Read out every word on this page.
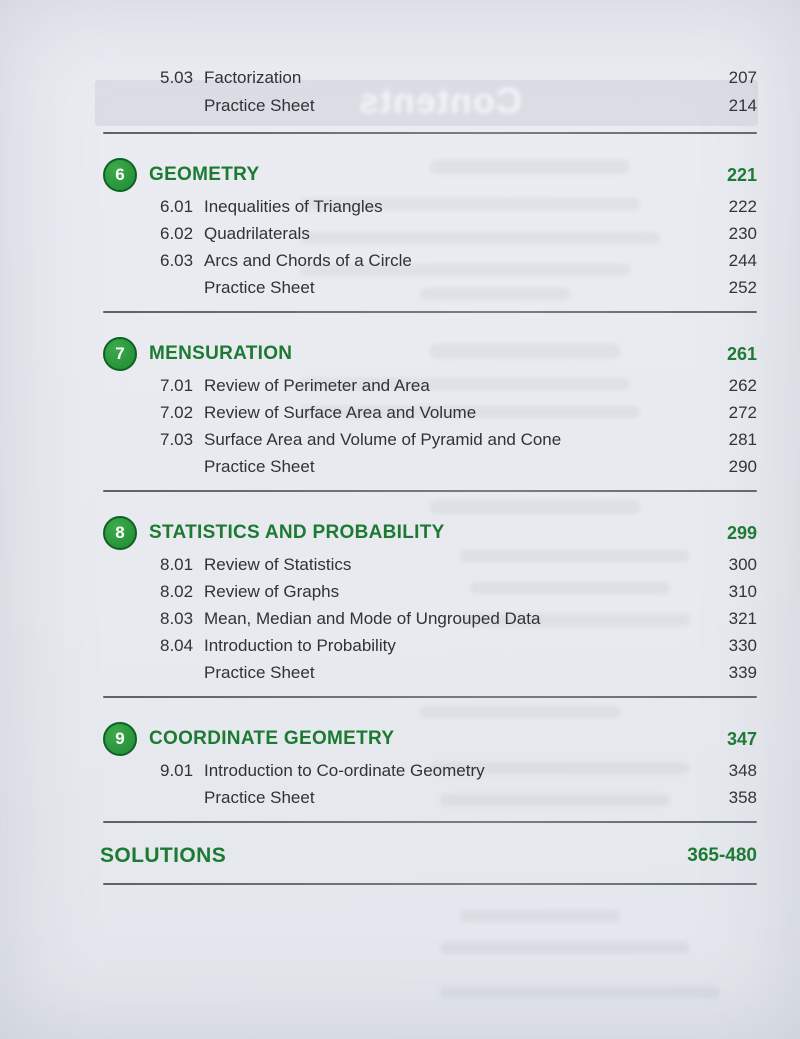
Contents
5.03 Factorization	207
Practice Sheet	214
6	GEOMETRY	221
6.01 Inequalities of Triangles	222
6.02 Quadrilaterals	230
6.03 Arcs and Chords of a Circle	244
Practice Sheet	252
7	MENSURATION	261
7.01 Review of Perimeter and Area	262
7.02 Review of Surface Area and Volume	272
7.03 Surface Area and Volume of Pyramid and Cone	281
Practice Sheet	290
8	STATISTICS AND PROBABILITY	299
8.01 Review of Statistics	300
8.02 Review of Graphs	310
8.03 Mean, Median and Mode of Ungrouped Data	321
8.04 Introduction to Probability	330
Practice Sheet	339
9	COORDINATE GEOMETRY	347
9.01 Introduction to Co-ordinate Geometry	348
Practice Sheet	358
SOLUTIONS	365-480
